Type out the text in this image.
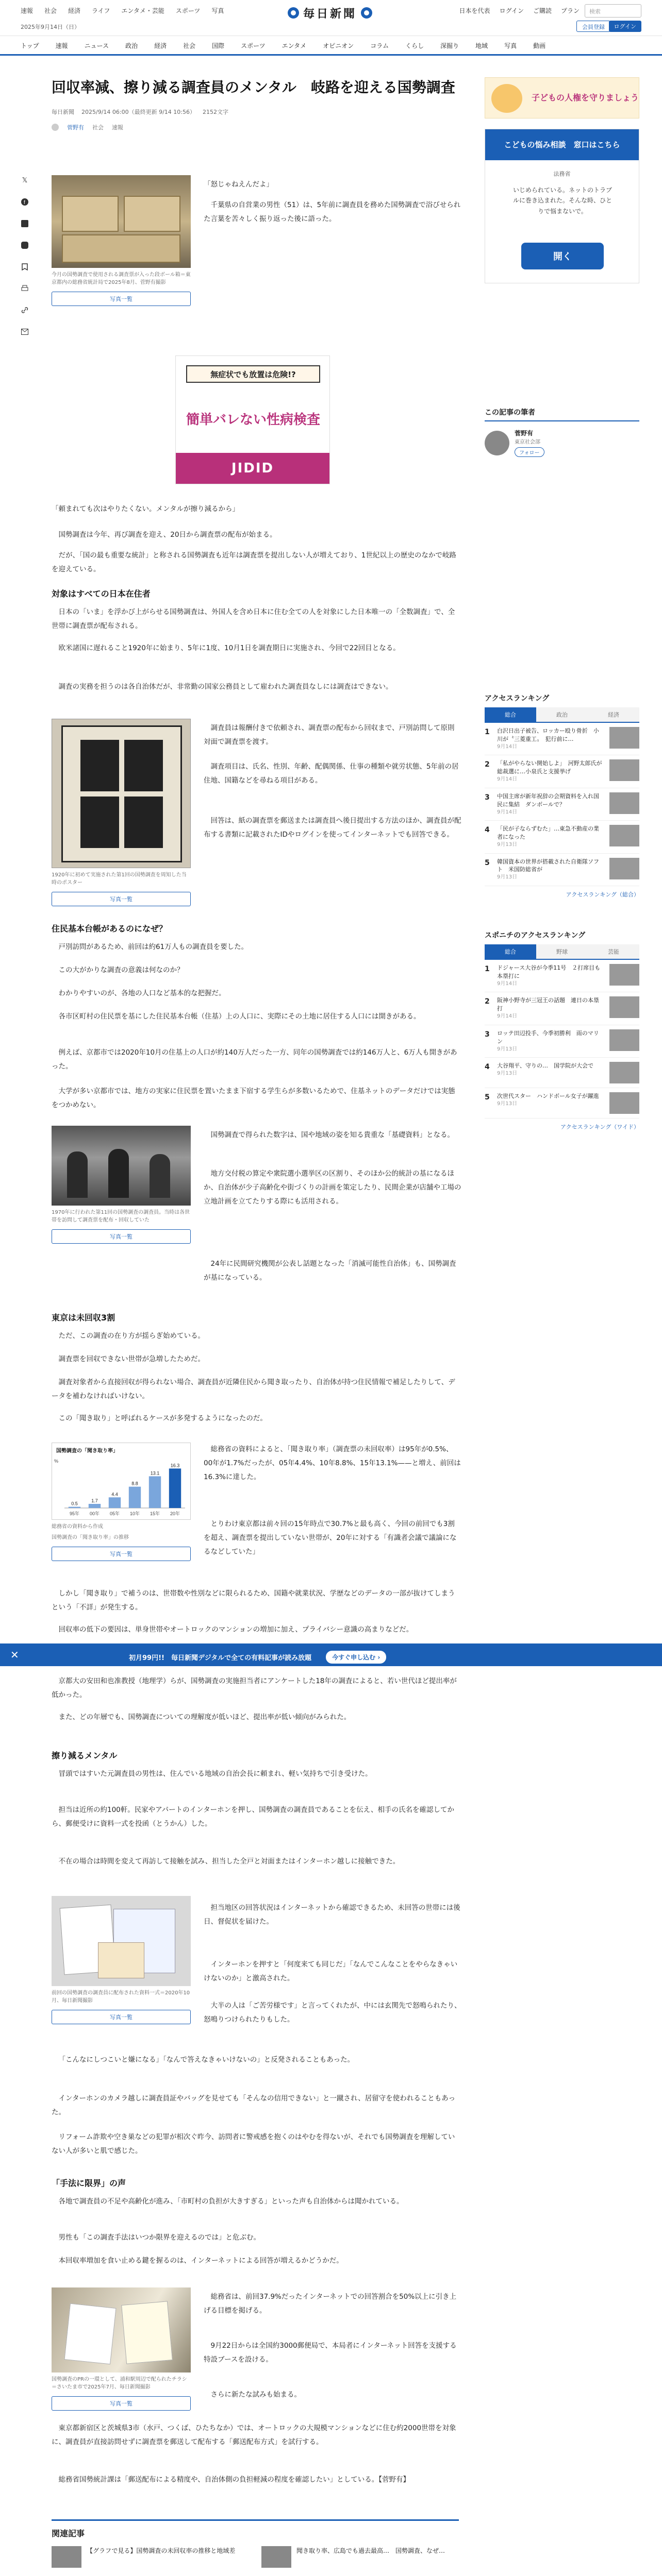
速報 社会 経済 ライフ エンタメ・芸能 スポーツ 写真	毎日新聞
2025年9月14日（日）
日本を代表 ログイン ご購読 プラン	検索
会員登録	ログイン
トップ	速報	ニュース	政治	経済	社会	国際	スポーツ	エンタメ	オピニオン	コラム	くらし	深掘り	地域	写真	動画
𝕏
f
回収率減、擦り減る調査員のメンタル　岐路を迎える国勢調査
毎日新聞 2025/9/14 06:00（最終更新 9/14 10:56） 2152文字
菅野有 社会 速報
今月の国勢調査で使用される調査票が入った段ボール箱＝東京都内の総務省統計局で2025年8月、菅野有撮影
写真一覧
「怒じゃねえんだよ」
千葉県の自営業の男性（51）は、5年前に調査員を務めた国勢調査で浴びせられた言葉を苦々しく振り返った後に語った。
無症状でも放置は危険!?
簡単バレない性病検査
JIDID
「頼まれても次はやりたくない。メンタルが擦り減るから」
国勢調査は今年、再び調査を迎え、20日から調査票の配布が始まる。
だが、「国の最も重要な統計」と称される国勢調査も近年は調査票を提出しない人が増えており、1世紀以上の歴史のなかで岐路を迎えている。
対象はすべての日本在住者
日本の「いま」を浮かび上がらせる国勢調査は、外国人を含め日本に住む全ての人を対象にした日本唯一の「全数調査」で、全世帯に調査票が配布される。
欧米諸国に遅れること1920年に始まり、5年に1度、10月1日を調査期日に実施され、今回で22回目となる。
調査の実務を担うのは各自治体だが、非常勤の国家公務員として雇われた調査員なしには調査はできない。
1920年に初めて実施された第1回の国勢調査を周知した当時のポスター
写真一覧
調査員は報酬付きで依頼され、調査票の配布から回収まで、戸別訪問して原則対面で調査票を渡す。
調査項目は、氏名、性別、年齢、配偶関係、仕事の種類や就労状態、5年前の居住地、国籍などを尋ねる項目がある。
回答は、紙の調査票を郵送または調査員へ後日提出する方法のほか、調査員が配布する書類に記載されたIDやログインを使ってインターネットでも回答できる。
住民基本台帳があるのになぜ？
戸別訪問があるため、前回は約61万人もの調査員を要した。
この大がかりな調査の意義は何なのか？
わかりやすいのが、各地の人口など基本的な把握だ。
各市区町村の住民票を基にした住民基本台帳（住基）上の人口に、実際にその土地に居住する人口には開きがある。
例えば、京都市では2020年10月の住基上の人口が約140万人だった一方、同年の国勢調査では約146万人と、6万人も開きがあった。
大学が多い京都市では、地方の実家に住民票を置いたまま下宿する学生らが多数いるためで、住基ネットのデータだけでは実態をつかめない。
1970年に行われた第11回の国勢調査の調査員。当時は各世帯を訪問して調査票を配布・回収していた
写真一覧
国勢調査で得られた数字は、国や地域の姿を知る貴重な「基礎資料」となる。
地方交付税の算定や衆院選小選挙区の区割り、そのほか公的統計の基になるほか、自治体が少子高齢化や街づくりの計画を策定したり、民間企業が店舗や工場の立地計画を立てたりする際にも活用される。
24年に民間研究機関が公表し話題となった「消滅可能性自治体」も、国勢調査が基になっている。
東京は未回収3割
ただ、この調査の在り方が揺らぎ始めている。
調査票を回収できない世帯が急増したためだ。
調査対象者から直接回収が得られない場合、調査員が近隣住民から聞き取ったり、自治体が持つ住民情報で補足したりして、データを補わなければいけない。
この「聞き取り」と呼ばれるケースが多発するようになったのだ。
国勢調査の「聞き取り率」
0.5
95年
1.7
00年
4.4
05年
8.8
10年
13.1
15年
16.3
20年
%
総務省の資料から作成
国勢調査の「聞き取り率」の推移
写真一覧
総務省の資料によると、「聞き取り率」（調査票の未回収率）は95年が0.5%、00年が1.7%だったが、05年4.4%、10年8.8%、15年13.1%——と増え、前回は16.3%に達した。
とりわけ東京都は前々回の15年時点で30.7%と最も高く、今回の前回でも3割を超え、調査票を提出していない世帯が、20年に対する「有識者会議で議論になるなどしていた」
しかし「聞き取り」で補うのは、世帯数や性別などに限られるため、国籍や就業状況、学歴などのデータの一部が抜けてしまうという「不詳」が発生する。
回収率の低下の要因は、単身世帯やオートロックのマンションの増加に加え、プライバシー意識の高まりなどだ。
✕	初月99円!!　毎日新聞デジタルで全ての有料記事が読み放題	今すぐ申し込む ›
京都大の安田和也准教授（地理学）らが、国勢調査の実施担当者にアンケートした18年の調査によると、若い世代ほど提出率が低かった。
また、どの年層でも、国勢調査についての理解度が低いほど、提出率が低い傾向がみられた。
擦り減るメンタル
冒頭ではすいた元調査員の男性は、住んでいる地域の自治会長に頼まれ、軽い気持ちで引き受けた。
担当は近所の約100軒。民家やアパートのインターホンを押し、国勢調査の調査員であることを伝え、相手の氏名を確認してから、郵便受けに資料一式を投函（とうかん）した。
不在の場合は時間を変えて再訪して接触を試み、担当した全戸と対面またはインターホン越しに接触できた。
前回の国勢調査の調査員に配布された資料一式＝2020年10月、毎日新聞撮影
写真一覧
担当地区の回答状況はインターネットから確認できるため、未回答の世帯には後日、督促状を届けた。
インターホンを押すと「何度来ても同じだ」「なんでこんなことをやらなきゃいけないのか」と激高された。
大半の人は「ご苦労様です」と言ってくれたが、中には玄関先で怒鳴られたり、怒鳴りつけられたりもした。
「こんなにしつこいと嫌になる」「なんで答えなきゃいけないの」と反発されることもあった。
インターホンのカメラ越しに調査員証やバッグを見せても「そんなの信用できない」と一蹴され、居留守を使われることもあった。
リフォーム詐欺や空き巣などの犯罪が相次ぐ昨今、訪問者に警戒感を抱くのはやむを得ないが、それでも国勢調査を理解していない人が多いと肌で感じた。
「手法に限界」の声
各地で調査員の不足や高齢化が進み、「市町村の負担が大きすぎる」といった声も自治体からは聞かれている。
男性も「この調査手法はいつか限界を迎えるのでは」と危ぶむ。
本回収率増加を食い止める鍵を握るのは、インターネットによる回答が増えるかどうかだ。
国勢調査のPRの一環として、浦和駅周辺で配られたチラシ＝さいたま市で2025年7月、毎日新聞撮影
写真一覧
総務省は、前回37.9%だったインターネットでの回答割合を50%以上に引き上げる目標を掲げる。
9月22日からは全国約3000郵便局で、本局者にインターネット回答を支援する特設ブースを設ける。
さらに新たな試みも始まる。
東京都新宿区と茨城県3市（水戸、つくば、ひたちなか）では、オートロックの大規模マンションなどに住む約2000世帯を対象に、調査員が直接訪問せずに調査票を郵送して配布する「郵送配布方式」を試行する。
総務省国勢統計課は「郵送配布による精度や、自治体側の負担軽減の程度を確認したい」としている。【菅野有】
関連記事
【グラフで見る】国勢調査の未回収率の推移と地域差	聞き取り率、広島でも過去最高…　国勢調査、なぜ…
子どもの人権を守りましょう
こどもの悩み相談　窓口はこちら
法務省
いじめられている。ネットのトラブルに巻き込まれた。そんな時、ひとりで悩まないで。
開く
この記事の筆者
菅野有
東京社会部
フォロー
アクセスランキング
総合	政治	経済
1	白沢日出子被告、ロッカー殴り骨折　小川が〝三菱重工〟　犯行前に…
9月14日
2	「私がやらない開始しよ」　河野太郎氏が総裁選に…小泉氏と支援挙げ
9月14日
3	中国主席が新年祝辞の会期資料を入れ国民に集結　ダンボールで？
9月14日
4	「民が子ならずむた」…東急不動産の業者になった
9月13日
5	韓国資本の世界が搭載された自衛隊ソフト　米国防総省が
9月13日
アクセスランキング（総合）
スポニチのアクセスランキング
総合	野球	芸能
1	ドジャース大谷が今季11号　２打席目も本塁打に
9月14日
2	阪神小野寺が三冠王の話題　連日の本塁打
9月14日
3	ロッテ田辺投手、今季初勝利　雨のマリン
9月13日
4	大谷翔平、守りの…　国学院が大会で
9月13日
5	次世代スター　ハンドボール女子が躍進
9月13日
アクセスランキング（ワイド）
